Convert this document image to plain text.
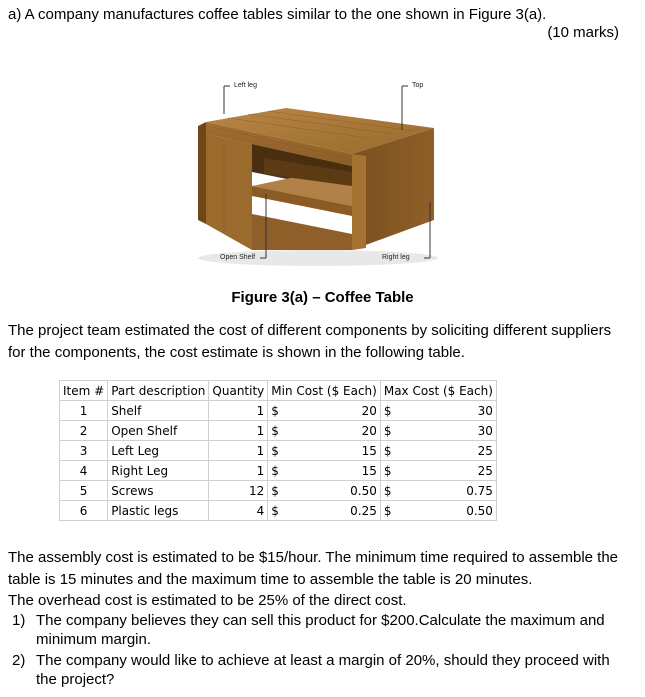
a) A company manufactures coffee tables similar to the one shown in Figure 3(a).
(10 marks)
Left leg	Top
Open Shelf	Right leg
Figure 3(a) – Coffee Table
The project team estimated the cost of different components by soliciting different suppliers for the components, the cost estimate is shown in the following table.
Item #	Part description	Quantity	Min Cost ($ Each)	Max Cost ($ Each)
1	Shelf	1	$ 20	$ 30

2	Open Shelf	1	$ 20	$ 30

3	Left Leg	1	$ 15	$ 25

4	Right Leg	1	$ 15	$ 25

5	Screws	12	$ 0.50	$ 0.75

6	Plastic legs	4	$ 0.25	$ 0.50
The assembly cost is estimated to be $15/hour. The minimum time required to assemble the table is 15 minutes and the maximum time to assemble the table is 20 minutes.
The overhead cost is estimated to be 25% of the direct cost.
1) The company believes they can sell this product for $200.Calculate the maximum and minimum margin.
2) The company would like to achieve at least a margin of 20%, should they proceed with the project?
